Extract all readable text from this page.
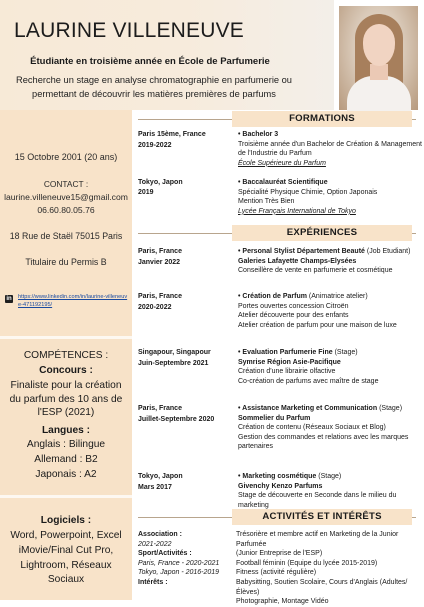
LAURINE VILLENEUVE
Étudiante en troisième année en École de Parfumerie
Recherche un stage en analyse chromatographie en parfumerie ou permettant de découvrir les matières premières de parfums
15 Octobre 2001 (20 ans)
CONTACT :
laurine.villeneuve15@gmail.com
06.60.80.05.76
18 Rue de Staël 75015 Paris
Titulaire du Permis B
in https://www.linkedin.com/in/laurine-villeneuve-471192195/
COMPÉTENCES :
Concours :
Finaliste pour la création du parfum des 10 ans de l'ESP (2021)
Langues :
Anglais : Bilingue
Allemand : B2
Japonais : A2
Logiciels :
Word, Powerpoint, Excel
iMovie/Final Cut Pro,
Lightroom, Réseaux Sociaux
FORMATIONS
Paris 15ème, France
2019-2022
• Bachelor 3
Troisième année d'un Bachelor de Création & Management
de l'Industrie du Parfum
École Supérieure du Parfum
Tokyo, Japon
2019
• Baccalauréat Scientifique
Spécialité Physique Chimie, Option Japonais
Mention Très Bien
Lycée Français International de Tokyo
EXPÉRIENCES
Paris, France
Janvier 2022
• Personal Stylist Département Beauté (Job Etudiant)
Galeries Lafayette Champs-Elysées
Conseillère de vente en parfumerie et cosmétique
Paris, France
2020-2022
• Création de Parfum (Animatrice atelier)
Portes ouvertes concession Citroën
Atelier découverte pour des enfants
Atelier création de parfum pour une maison de luxe
Singapour, Singapour
Juin-Septembre 2021
• Evaluation Parfumerie Fine (Stage)
Symrise Région Asie-Pacifique
Création d'une librairie olfactive
Co-création de parfums avec maître de stage
Paris, France
Juillet-Septembre 2020
• Assistance Marketing et Communication (Stage)
Sommelier du Parfum
Création de contenu (Réseaux Sociaux et Blog)
Gestion des commandes et relations avec les marques
partenaires
Tokyo, Japon
Mars 2017
• Marketing cosmétique (Stage)
Givenchy Kenzo Parfums
Stage de découverte en Seconde dans le milieu du marketing
ACTIVITÉS ET INTÉRÊTS
Association :
2021-2022
Sport/Activités :
Paris, France - 2020-2021
Tokyo, Japon - 2016-2019
Intérêts :
Trésorière et membre actif en Marketing de la Junior Parfumée
(Junior Entreprise de l'ESP)
Football féminin (Equipe du lycée 2015-2019)
Fitness (activité régulière)
Babysitting, Soutien Scolaire, Cours d'Anglais (Adultes/Élèves)
Photographie, Montage Vidéo
